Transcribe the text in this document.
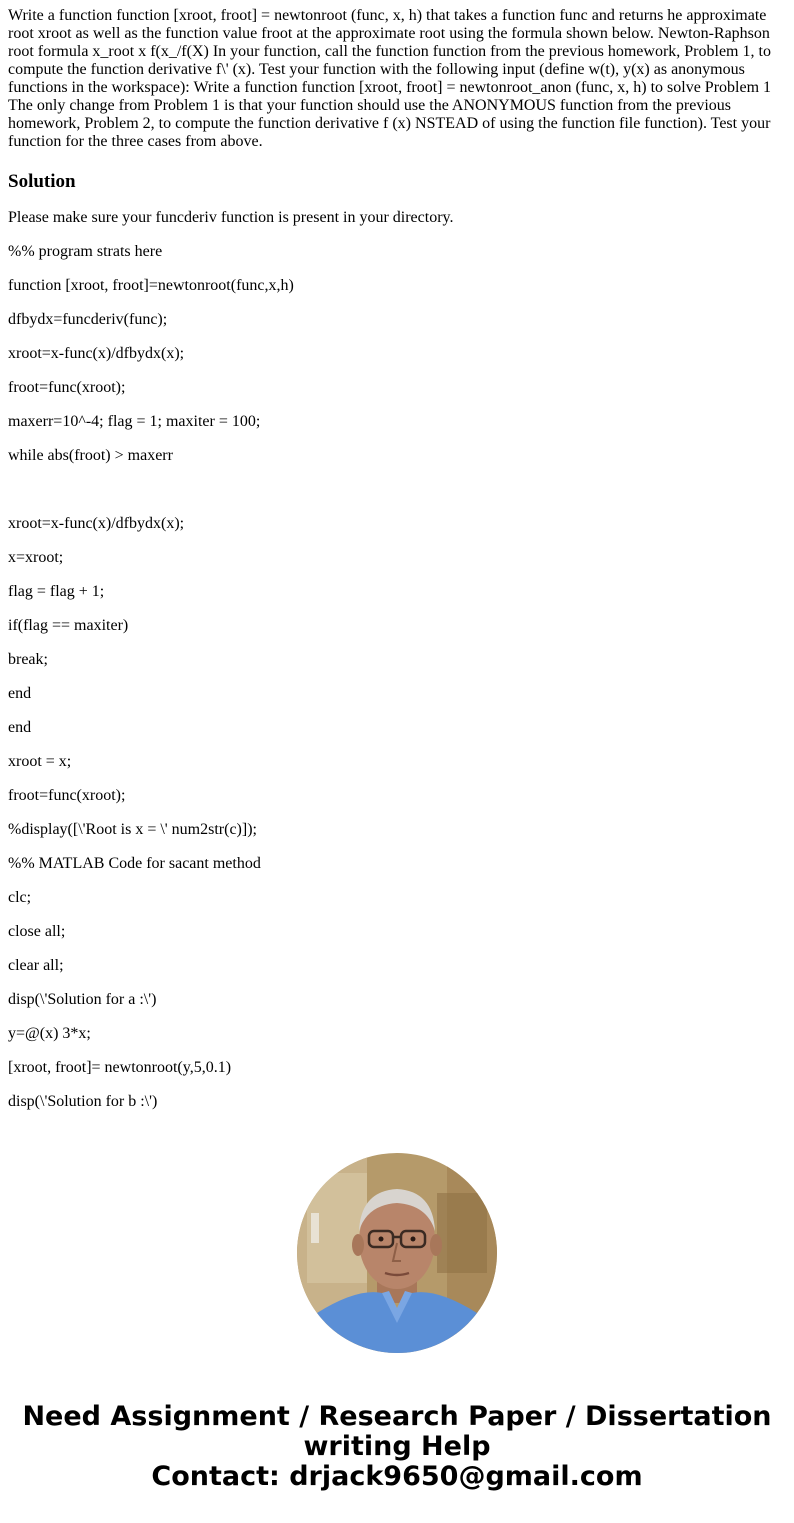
Write a function function [xroot, froot] = newtonroot (func, x, h) that takes a function func and returns he approximate root xroot as well as the function value froot at the approximate root using the formula shown below. Newton-Raphson root formula x_root x f(x_/f(X) In your function, call the function function from the previous homework, Problem 1, to compute the function derivative f\' (x). Test your function with the following input (define w(t), y(x) as anonymous functions in the workspace): Write a function function [xroot, froot] = newtonroot_anon (func, x, h) to solve Problem 1 The only change from Problem 1 is that your function should use the ANONYMOUS function from the previous homework, Problem 2, to compute the function derivative f (x) NSTEAD of using the function file function). Test your function for the three cases from above.

Solution

Please make sure your funcderiv function is present in your directory.

%% program strats here

function [xroot, froot]=newtonroot(func,x,h)

dfbydx=funcderiv(func);

xroot=x-func(x)/dfbydx(x);

froot=func(xroot);

maxerr=10^-4; flag = 1; maxiter = 100;

while abs(froot) > maxerr

xroot=x-func(x)/dfbydx(x);

x=xroot;

flag = flag + 1;

if(flag == maxiter)

break;

end

end

xroot = x;

froot=func(xroot);

%display([\'Root is x = \' num2str(c)]);

%% MATLAB Code for sacant method

clc;

close all;

clear all;

disp(\'Solution for a :\')

y=@(x) 3*x;

[xroot, froot]= newtonroot(y,5,0.1)

disp(\'Solution for b :\')

Need Assignment / Research Paper / Dissertation
writing Help
Contact: drjack9650@gmail.com
